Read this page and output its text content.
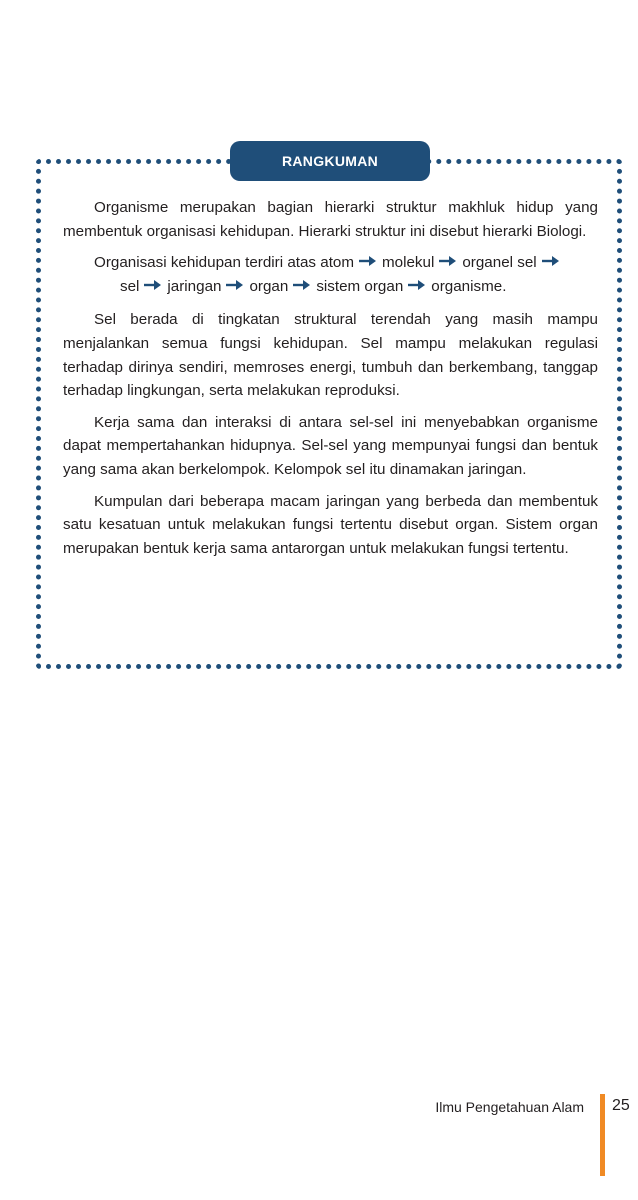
RANGKUMAN

Organisme merupakan bagian hierarki struktur makhluk hidup yang membentuk organisasi kehidupan. Hierarki struktur ini disebut hierarki Biologi.

Organisasi kehidupan terdiri atas atom molekul organel sel
sel jaringan organ sistem organ organisme.

Sel berada di tingkatan struktural terendah yang masih mampu menjalankan semua fungsi kehidupan. Sel mampu melakukan regulasi terhadap dirinya sendiri, memroses energi, tumbuh dan berkembang, tanggap terhadap lingkungan, serta melakukan reproduksi.

Kerja sama dan interaksi di antara sel-sel ini menyebabkan organisme dapat mempertahankan hidupnya. Sel-sel yang mempunyai fungsi dan bentuk yang sama akan berkelompok. Kelompok sel itu dinamakan jaringan.

Kumpulan dari beberapa macam jaringan yang berbeda dan membentuk satu kesatuan untuk melakukan fungsi tertentu disebut organ. Sistem organ merupakan bentuk kerja sama antarorgan untuk melakukan fungsi tertentu.

Ilmu Pengetahuan Alam 25
